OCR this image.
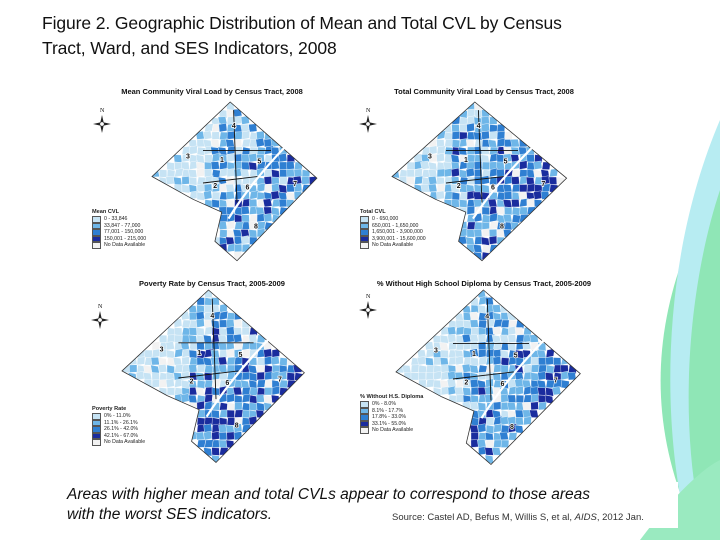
Figure 2. Geographic Distribution of Mean and Total CVL by Census
Tract, Ward, and SES Indicators, 2008
1
2
3
4
5
6	7
8
N
Mean Community Viral Load by Census Tract, 2008
Mean CVL
0 - 33,846
33,847 - 77,000
77,001 - 150,000
150,001 - 215,000
No Data Available
1
2
3
4
5
6	7
8
N
Total Community Viral Load by Census Tract, 2008
Total CVL
0 - 650,000
650,001 - 1,650,000
1,650,001 - 3,900,000
3,900,001 - 15,600,000
No Data Available
1
2
3
4
5
6
7
8
N
Poverty Rate by Census Tract, 2005-2009
Poverty Rate
0% - 11.0%
11.1% - 26.1%
26.1% - 42.0%
42.1% - 67.0%
No Data Available
1
2
3
4
5
6
7
8
N
% Without High School Diploma by Census Tract, 2005-2009
% Without H.S. Diploma
0% - 8.0%
8.1% - 17.7%
17.8% - 33.0%
33.1% - 55.0%
No Data Available
Areas with higher mean and total CVLs appear to correspond to those areas
with the worst SES indicators.	Source: Castel AD, Befus M, Willis S, et al, AIDS, 2012 Jan.
